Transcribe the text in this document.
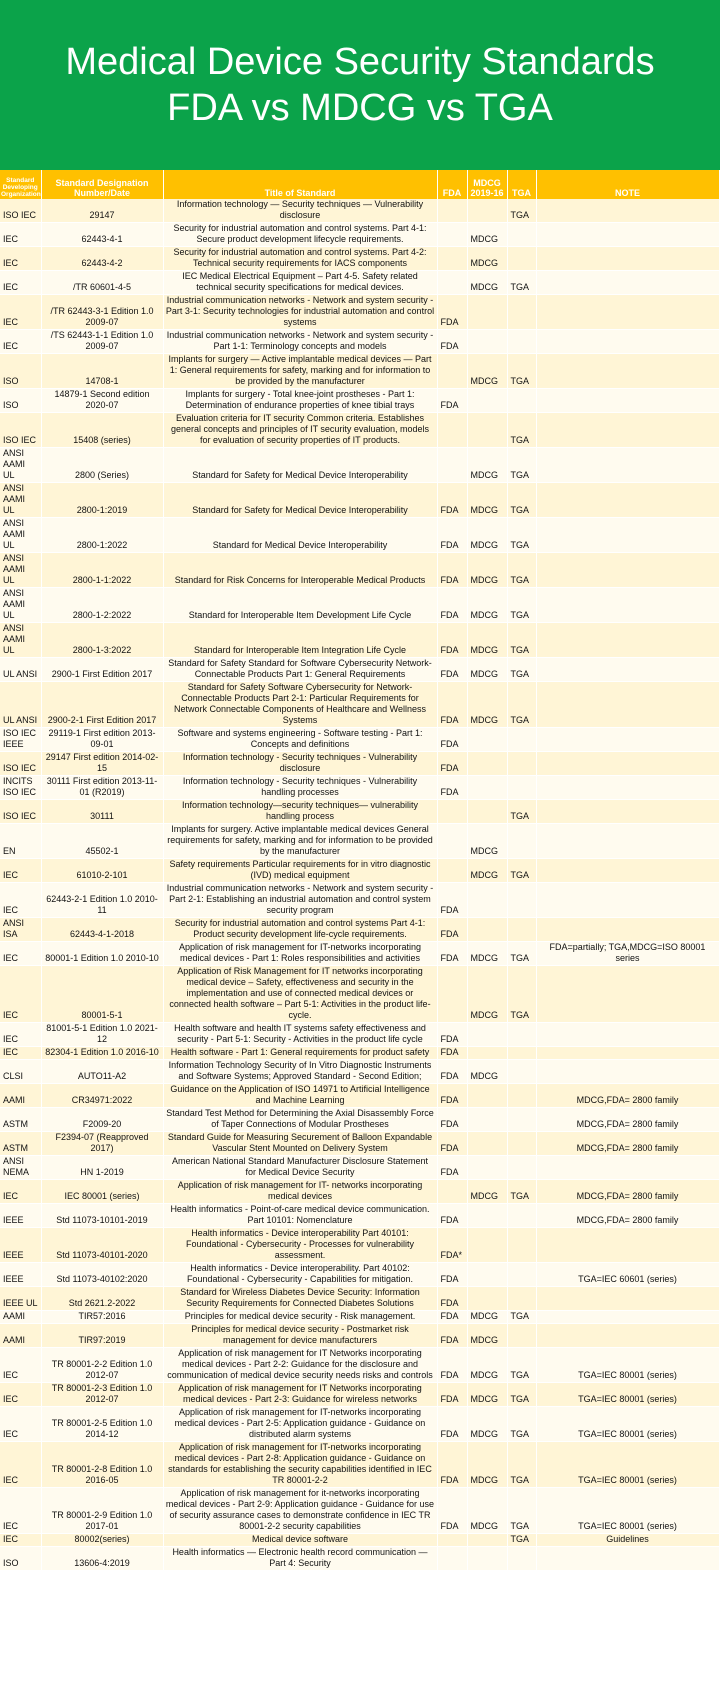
Medical Device Security Standards
FDA vs MDCG vs TGA
Standard Developing Organization	Standard Designation Number/Date	Title of Standard	FDA	MDCG 2019-16	TGA	NOTE
ISO IEC	29147	Information technology — Security techniques — Vulnerability disclosure			TGA	
IEC	62443-4-1	Security for industrial automation and control systems. Part 4-1: Secure product development lifecycle requirements.		MDCG		
IEC	62443-4-2	Security for industrial automation and control systems. Part 4-2: Technical security requirements for IACS components		MDCG		
IEC	/TR 60601-4-5	IEC Medical Electrical Equipment – Part 4-5. Safety related technical security specifications for medical devices.		MDCG	TGA	
IEC	/TR 62443-3-1 Edition 1.0 2009-07	Industrial communication networks - Network and system security - Part 3-1: Security technologies for industrial automation and control systems	FDA			
IEC	/TS 62443-1-1 Edition 1.0 2009-07	Industrial communication networks - Network and system security - Part 1-1: Terminology concepts and models	FDA			
ISO	14708-1	Implants for surgery — Active implantable medical devices — Part 1: General requirements for safety, marking and for information to be provided by the manufacturer		MDCG	TGA	
ISO	14879-1 Second edition 2020-07	Implants for surgery - Total knee-joint prostheses - Part 1: Determination of endurance properties of knee tibial trays	FDA			
ISO IEC	15408 (series)	Evaluation criteria for IT security Common criteria. Establishes general concepts and principles of IT security evaluation, models for evaluation of security properties of IT products.			TGA	
ANSI AAMI UL	2800 (Series)	Standard for Safety for Medical Device Interoperability		MDCG	TGA	
ANSI AAMI UL	2800-1:2019	Standard for Safety for Medical Device Interoperability	FDA	MDCG	TGA	
ANSI AAMI UL	2800-1:2022	Standard for Medical Device Interoperability	FDA	MDCG	TGA	
ANSI AAMI UL	2800-1-1:2022	Standard for Risk Concerns for Interoperable Medical Products	FDA	MDCG	TGA	
ANSI AAMI UL	2800-1-2:2022	Standard for Interoperable Item Development Life Cycle	FDA	MDCG	TGA	
ANSI AAMI UL	2800-1-3:2022	Standard for Interoperable Item Integration Life Cycle	FDA	MDCG	TGA	
UL ANSI	2900-1 First Edition 2017	Standard for Safety Standard for Software Cybersecurity Network-Connectable Products Part 1: General Requirements	FDA	MDCG	TGA	
UL ANSI	2900-2-1 First Edition 2017	Standard for Safety Software Cybersecurity for Network-Connectable Products Part 2-1: Particular Requirements for Network Connectable Components of Healthcare and Wellness Systems	FDA	MDCG	TGA	
ISO IEC IEEE	29119-1 First edition 2013-09-01	Software and systems engineering - Software testing - Part 1: Concepts and definitions	FDA			
ISO IEC	29147 First edition 2014-02-15	Information technology - Security techniques - Vulnerability disclosure	FDA			
INCITS ISO IEC	30111 First edition 2013-11-01 (R2019)	Information technology - Security techniques - Vulnerability handling processes	FDA			
ISO IEC	30111	Information technology—security techniques— vulnerability handling process			TGA	
EN	45502-1	Implants for surgery. Active implantable medical devices General requirements for safety, marking and for information to be provided by the manufacturer		MDCG		
IEC	61010-2-101	Safety requirements Particular requirements for in vitro diagnostic (IVD) medical equipment		MDCG	TGA	
IEC	62443-2-1 Edition 1.0 2010-11	Industrial communication networks - Network and system security - Part 2-1: Establishing an industrial automation and control system security program	FDA			
ANSI ISA	62443-4-1-2018	Security for industrial automation and control systems Part 4-1: Product security development life-cycle requirements.	FDA			
IEC	80001-1 Edition 1.0 2010-10	Application of risk management for IT-networks incorporating medical devices - Part 1: Roles responsibilities and activities	FDA	MDCG	TGA	FDA=partially; TGA,MDCG=ISO 80001 series
IEC	80001-5-1	Application of Risk Management for IT networks incorporating medical device – Safety, effectiveness and security in the implementation and use of connected medical devices or connected health software – Part 5-1: Activities in the product life-cycle.		MDCG	TGA	
IEC	81001-5-1 Edition 1.0 2021-12	Health software and health IT systems safety effectiveness and security - Part 5-1: Security - Activities in the product life cycle	FDA			
IEC	82304-1 Edition 1.0 2016-10	Health software - Part 1: General requirements for product safety	FDA			
CLSI	AUTO11-A2	Information Technology Security of In Vitro Diagnostic Instruments and Software Systems; Approved Standard - Second Edition;	FDA	MDCG		
AAMI	CR34971:2022	Guidance on the Application of ISO 14971 to Artificial Intelligence and Machine Learning	FDA			MDCG,FDA= 2800 family
ASTM	F2009-20	Standard Test Method for Determining the Axial Disassembly Force of Taper Connections of Modular Prostheses	FDA			MDCG,FDA= 2800 family
ASTM	F2394-07 (Reapproved 2017)	Standard Guide for Measuring Securement of Balloon Expandable Vascular Stent Mounted on Delivery System	FDA			MDCG,FDA= 2800 family
ANSI NEMA	HN 1-2019	American National Standard Manufacturer Disclosure Statement for Medical Device Security	FDA			
IEC	IEC 80001 (series)	Application of risk management for IT- networks incorporating medical devices		MDCG	TGA	MDCG,FDA= 2800 family
IEEE	Std 11073-10101-2019	Health informatics - Point-of-care medical device communication. Part 10101: Nomenclature	FDA			MDCG,FDA= 2800 family
IEEE	Std 11073-40101-2020	Health informatics - Device interoperability Part 40101: Foundational - Cybersecurity - Processes for vulnerability assessment.	FDA*			
IEEE	Std 11073-40102:2020	Health informatics - Device interoperability. Part 40102: Foundational - Cybersecurity - Capabilities for mitigation.	FDA			TGA=IEC 60601 (series)
IEEE UL	Std 2621.2-2022	Standard for Wireless Diabetes Device Security: Information Security Requirements for Connected Diabetes Solutions	FDA			
AAMI	TIR57:2016	Principles for medical device security - Risk management.	FDA	MDCG	TGA	
AAMI	TIR97:2019	Principles for medical device security - Postmarket risk management for device manufacturers	FDA	MDCG		
IEC	TR 80001-2-2 Edition 1.0 2012-07	Application of risk management for IT Networks incorporating medical devices - Part 2-2: Guidance for the disclosure and communication of medical device security needs risks and controls	FDA	MDCG	TGA	TGA=IEC 80001 (series)
IEC	TR 80001-2-3 Edition 1.0 2012-07	Application of risk management for IT Networks incorporating medical devices - Part 2-3: Guidance for wireless networks	FDA	MDCG	TGA	TGA=IEC 80001 (series)
IEC	TR 80001-2-5 Edition 1.0 2014-12	Application of risk management for IT-networks incorporating medical devices - Part 2-5: Application guidance - Guidance on distributed alarm systems	FDA	MDCG	TGA	TGA=IEC 80001 (series)
IEC	TR 80001-2-8 Edition 1.0 2016-05	Application of risk management for IT-networks incorporating medical devices - Part 2-8: Application guidance - Guidance on standards for establishing the security capabilities identified in IEC TR 80001-2-2	FDA	MDCG	TGA	TGA=IEC 80001 (series)
IEC	TR 80001-2-9 Edition 1.0 2017-01	Application of risk management for it-networks incorporating medical devices - Part 2-9: Application guidance - Guidance for use of security assurance cases to demonstrate confidence in IEC TR 80001-2-2 security capabilities	FDA	MDCG	TGA	TGA=IEC 80001 (series)
IEC	80002(series)	Medical device software			TGA	Guidelines
ISO	13606-4:2019	Health informatics — Electronic health record communication — Part 4: Security				
